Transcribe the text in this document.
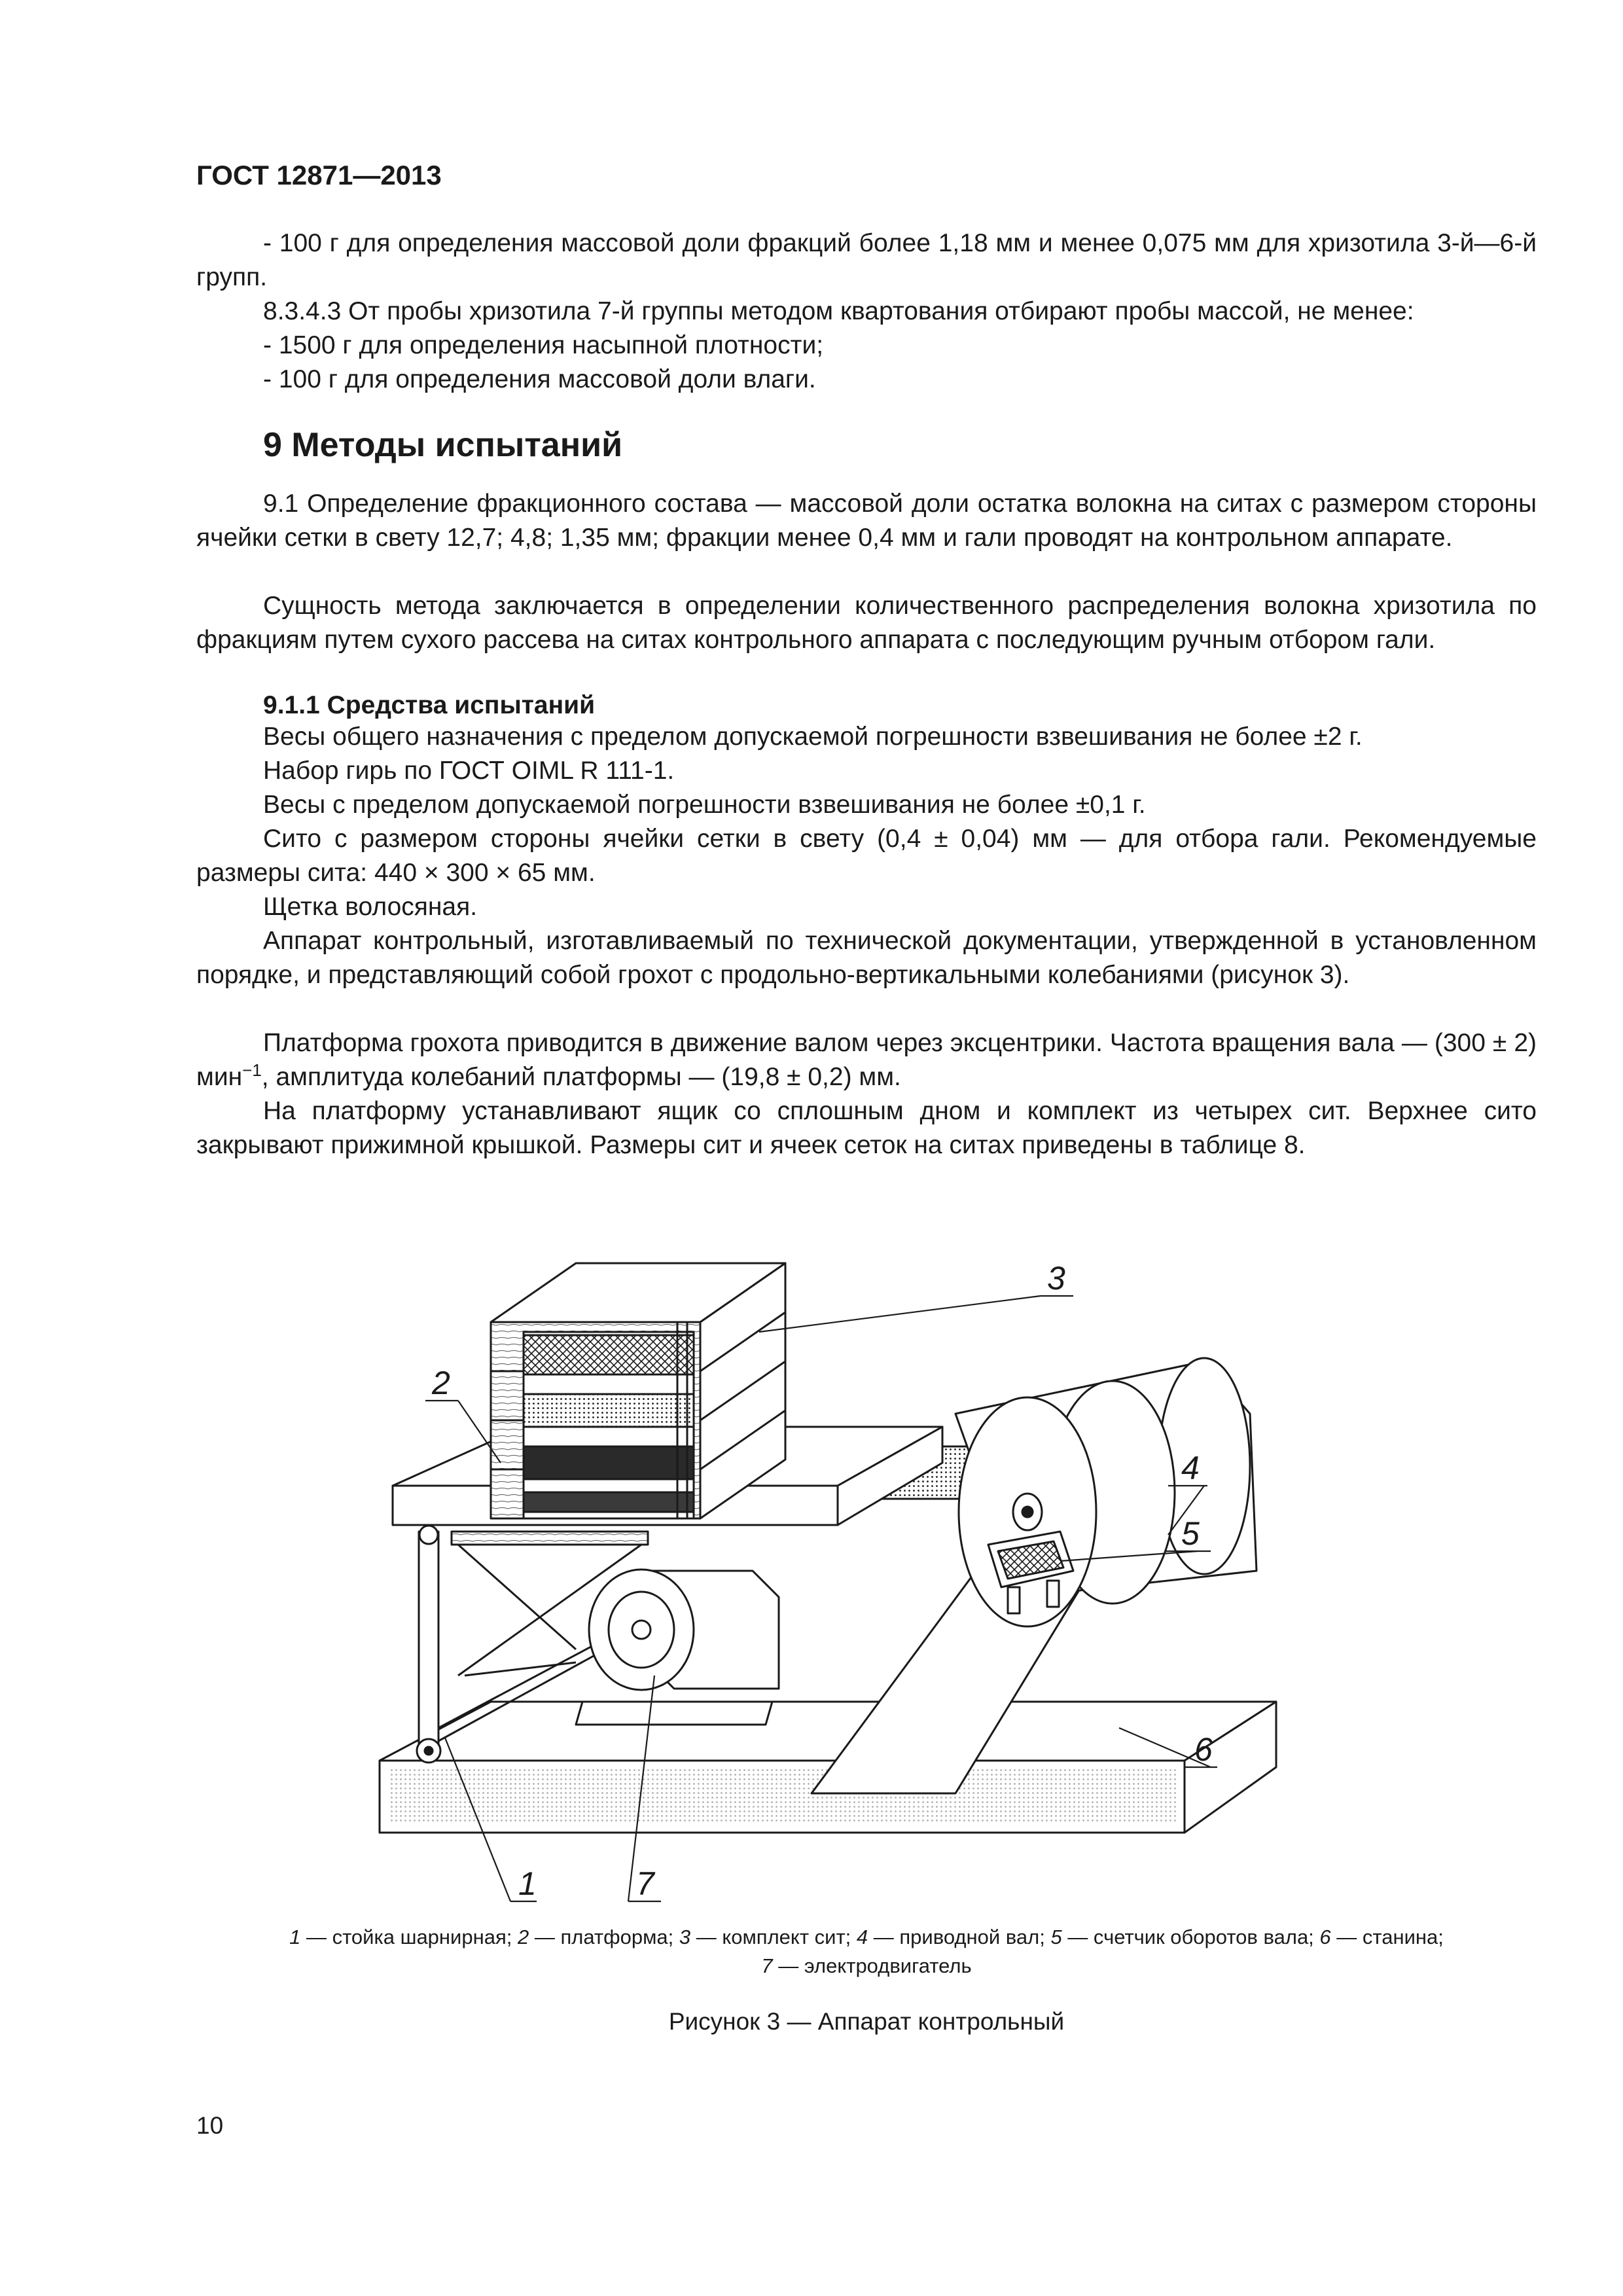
ГОСТ 12871—2013

- 100 г для определения массовой доли фракций более 1,18 мм и менее 0,075 мм для хризотила 3-й—6-й групп.

8.3.4.3 От пробы хризотила 7-й группы методом квартования отбирают пробы массой, не менее:

- 1500 г для определения насыпной плотности;

- 100 г для определения массовой доли влаги.

9 Методы испытаний

9.1 Определение фракционного состава — массовой доли остатка волокна на ситах с размером стороны ячейки сетки в свету 12,7; 4,8; 1,35 мм; фракции менее 0,4 мм и гали проводят на контрольном аппарате.

Сущность метода заключается в определении количественного распределения волокна хризотила по фракциям путем сухого рассева на ситах контрольного аппарата с последующим ручным отбором гали.

9.1.1 Средства испытаний

Весы общего назначения с пределом допускаемой погрешности взвешивания не более ±2 г.

Набор гирь по ГОСТ OIML R 111-1.

Весы с пределом допускаемой погрешности взвешивания не более ±0,1 г.

Сито с размером стороны ячейки сетки в свету (0,4 ± 0,04) мм — для отбора гали. Рекомендуемые размеры сита: 440 × 300 × 65 мм.

Щетка волосяная.

Аппарат контрольный, изготавливаемый по технической документации, утвержденной в установленном порядке, и представляющий собой грохот с продольно-вертикальными колебаниями (рисунок 3).

Платформа грохота приводится в движение валом через эксцентрики. Частота вращения вала — (300 ± 2) мин$^{-1}$, амплитуда колебаний платформы — (19,8 ± 0,2) мм.

На платформу устанавливают ящик со сплошным дном и комплект из четырех сит. Верхнее сито закрывают прижимной крышкой. Размеры сит и ячеек сеток на ситах приведены в таблице 8.

1
2
3
4
5
6
7
1 — стойка шарнирная; 2 — платформа; 3 — комплект сит; 4 — приводной вал; 5 — счетчик оборотов вала; 6 — станина;
7 — электродвигатель
Рисунок 3 — Аппарат контрольный
10
